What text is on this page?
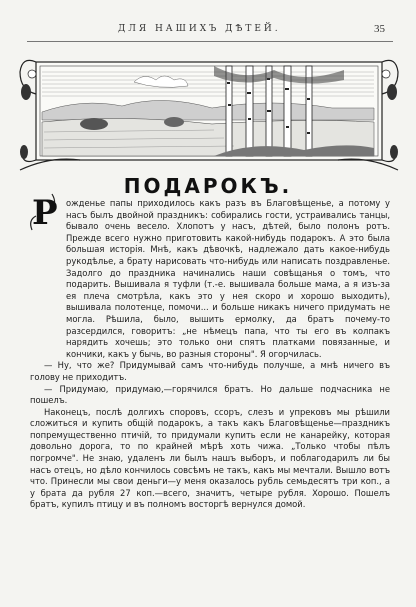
ДЛЯ НАШИХЪ ДѢТЕЙ.	35
ПОДАРОКЪ.
Р	ожденье папы приходилось какъ разъ въ Благовѣщенье, а потому у насъ былъ двойной праздникъ: собирались гости, устраивались танцы, бывало очень весело. Хлопотъ у насъ, дѣтей, было полонъ ротъ. Прежде всего нужно приготовить какой-нибудь подарокъ. А это была большая исторія. Мнѣ, какъ дѣвочкѣ, надлежало дать какое-нибудь рукодѣлье, а брату нарисовать что-нибудь или написать поздравленье. Задолго до праздника начинались наши совѣщанья о томъ, что подарить. Вышивала я туфли (т.-е. вышивала больше мама, а я изъ-за ея плеча смотрѣла, какъ это у нея скоро и хорошо выходить), вышивала полотенце, помочи... и больше никакъ ничего придумать не могла. Рѣшила, было, вышить ермолку, да братъ почему-то разсердился, говоритъ: „не нѣмецъ папа, что ты его въ колпакъ нарядить хочешь; это только они спятъ платками повязанные, и кончики, какъ у бычь, во разныя стороны". Я огорчилась.

— Ну, что же? Придумывай самъ что-нибудь получше, а мнѣ ничего въ голову не приходитъ.

— Придумаю, придумаю,—горячился братъ. Но дальше подчасника не пошелъ.

Наконецъ, послѣ долгихъ споровъ, ссоръ, слезъ и упрековъ мы рѣшили сложиться и купить общій подарокъ, а такъ какъ Благовѣщенье—праздникъ попремущественно птичій, то придумали купить если не канарейку, которая довольно дорога, то по крайней мѣрѣ хоть чижа. „Только чтобы пѣлъ погромче". Не знаю, удаленъ ли былъ нашъ выборъ, и поблагодарилъ ли бы насъ отецъ, но дѣло кончилось совсѣмъ не такъ, какъ мы мечтали. Вышло вотъ что. Принесли мы свои деньги—у меня оказалось рубль семьдесятъ три коп., а у брата да рубля 27 коп.—всего, значитъ, четыре рубля. Хорошо. Пошелъ братъ, купилъ птицу и въ полномъ восторгѣ вернулся домой.
